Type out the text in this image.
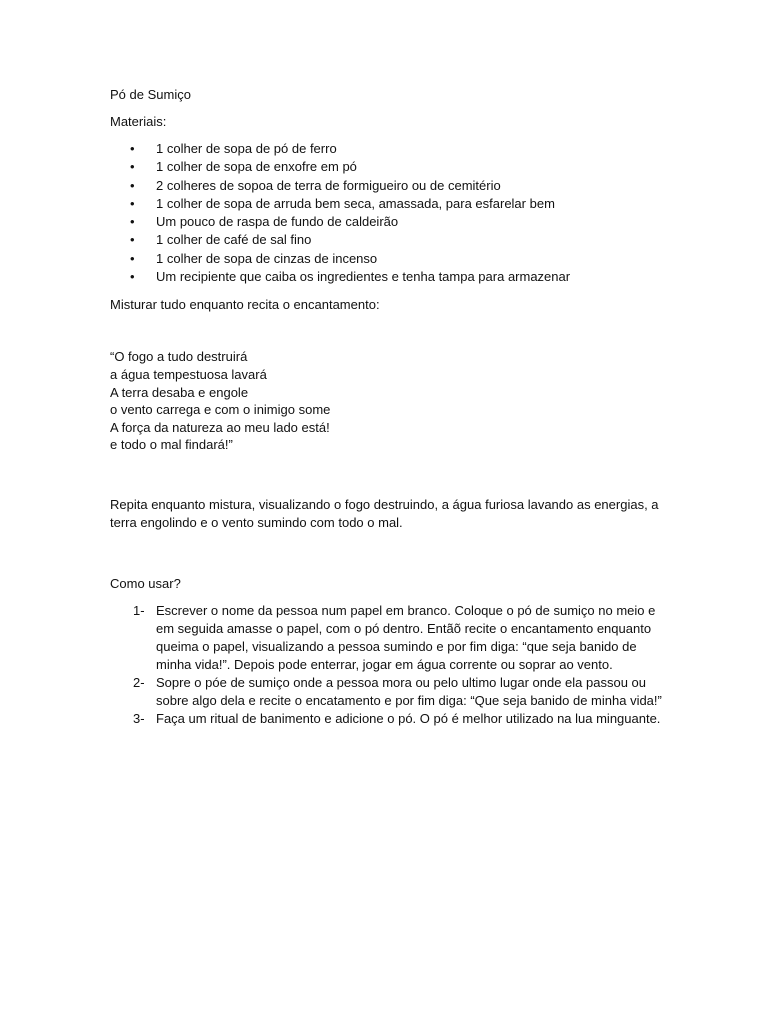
Pó de Sumiço
Materiais:
• 1 colher de sopa de pó de ferro
• 1 colher de sopa de enxofre em pó
• 2 colheres de sopoa de terra de formigueiro ou de cemitério
• 1 colher de sopa de arruda bem seca, amassada, para esfarelar bem
• Um pouco de raspa de fundo de caldeirão
• 1 colher de café de sal fino
• 1 colher de sopa de cinzas de incenso
• Um recipiente que caiba os ingredientes e tenha tampa para armazenar
Misturar tudo enquanto recita o encantamento:
“O fogo a tudo destruirá
a água tempestuosa lavará
A terra desaba e engole
o vento carrega e com o inimigo some
A força da natureza ao meu lado está!
e todo o mal findará!”
Repita enquanto mistura, visualizando o fogo destruindo, a água furiosa lavando as energias, a terra engolindo e o vento sumindo com todo o mal.
Como usar?
1- Escrever o nome da pessoa num papel em branco. Coloque o pó de sumiço no meio e em seguida amasse o papel, com o pó dentro. Entãõ recite o encantamento enquanto queima o papel, visualizando a pessoa sumindo e por fim diga: “que seja banido de minha vida!”. Depois pode enterrar, jogar em água corrente ou soprar ao vento.
2- Sopre o póe de sumiço onde a pessoa mora ou pelo ultimo lugar onde ela passou ou sobre algo dela e recite o encatamento e por fim diga: “Que seja banido de minha vida!”
3- Faça um ritual de banimento e adicione o pó. O pó é melhor utilizado na lua minguante.
